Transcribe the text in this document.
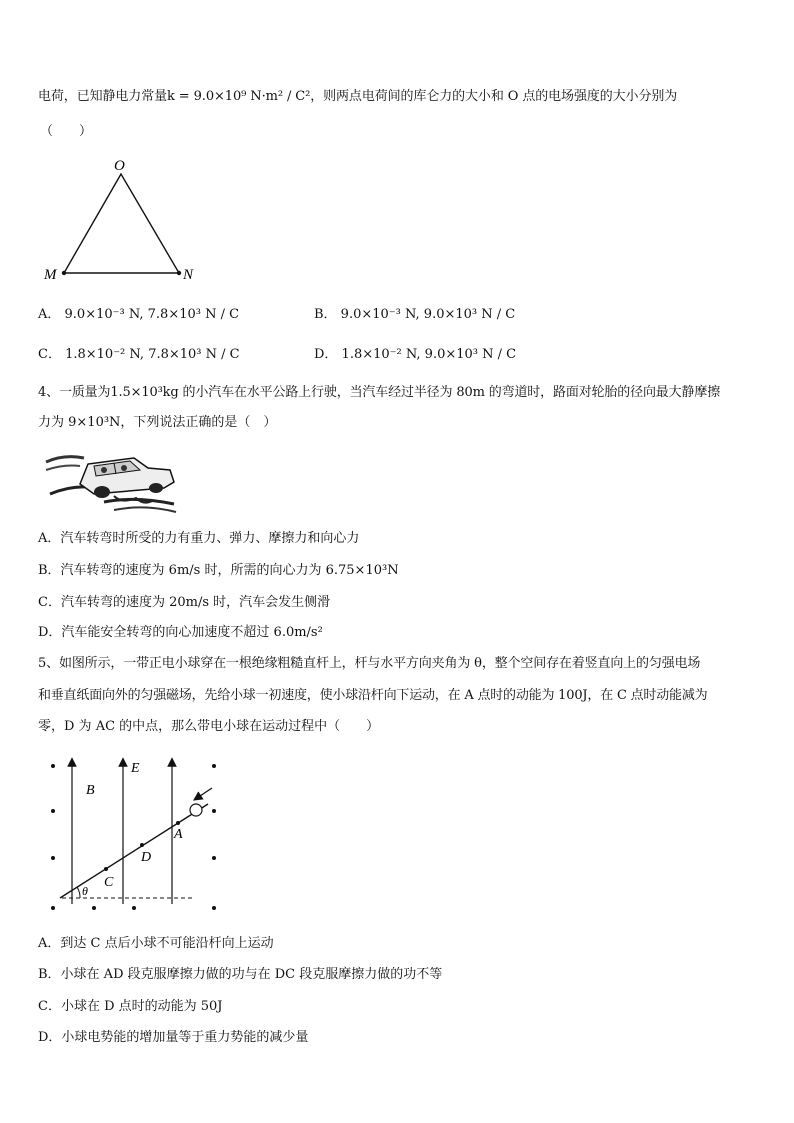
电荷，已知静电力常量k = 9.0×10⁹ N·m² / C²，则两点电荷间的库仑力的大小和 O 点的电场强度的大小分别为
（　　）
O
M	N
A． 9.0×10⁻³ N, 7.8×10³ N / C	B． 9.0×10⁻³ N, 9.0×10³ N / C
C． 1.8×10⁻² N, 7.8×10³ N / C	D． 1.8×10⁻² N, 9.0×10³ N / C
4、一质量为1.5×10³kg 的小汽车在水平公路上行驶，当汽车经过半径为 80m 的弯道时，路面对轮胎的径向最大静摩擦
力为 9×10³N，下列说法正确的是（　）
A．汽车转弯时所受的力有重力、弹力、摩擦力和向心力
B．汽车转弯的速度为 6m/s 时，所需的向心力为 6.75×10³N
C．汽车转弯的速度为 20m/s 时，汽车会发生侧滑
D．汽车能安全转弯的向心加速度不超过 6.0m/s²
5、如图所示，一带正电小球穿在一根绝缘粗糙直杆上，杆与水平方向夹角为 θ，整个空间存在着竖直向上的匀强电场
和垂直纸面向外的匀强磁场，先给小球一初速度，使小球沿杆向下运动，在 A 点时的动能为 100J，在 C 点时动能减为
零，D 为 AC 的中点，那么带电小球在运动过程中（　　）
E
B
A
D
C
θ
A．到达 C 点后小球不可能沿杆向上运动
B．小球在 AD 段克服摩擦力做的功与在 DC 段克服摩擦力做的功不等
C．小球在 D 点时的动能为 50J
D．小球电势能的增加量等于重力势能的减少量
